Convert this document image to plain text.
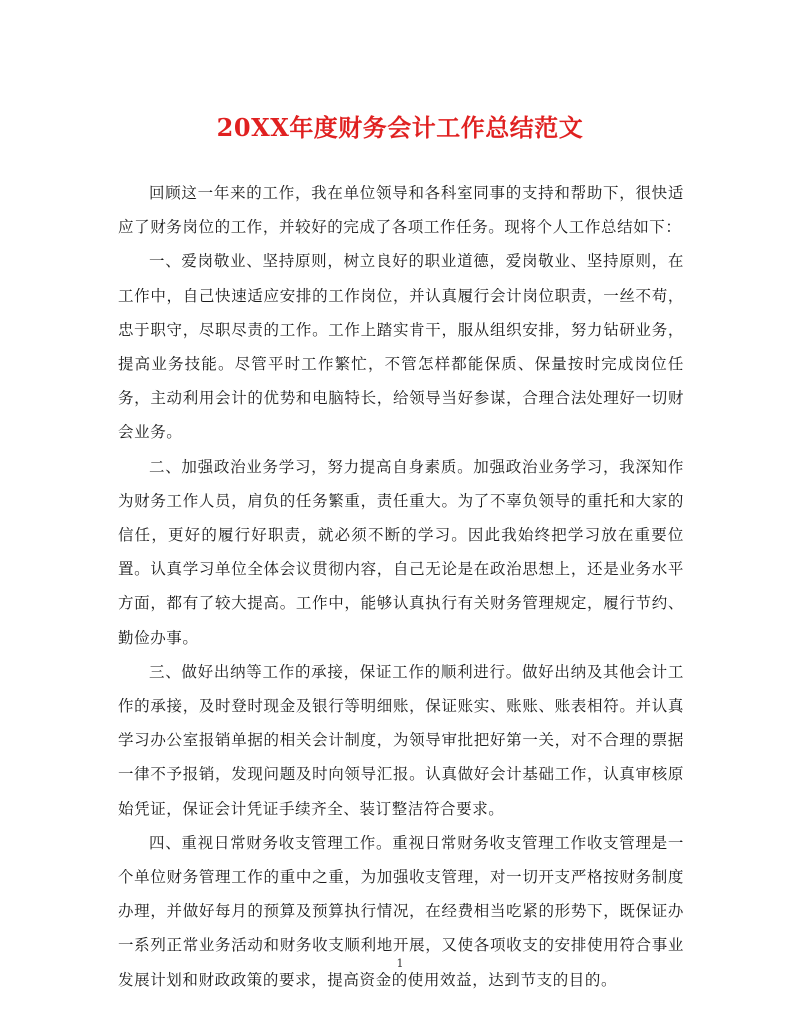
20XX年度财务会计工作总结范文

回顾这一年来的工作，我在单位领导和各科室同事的支持和帮助下，很快适应了财务岗位的工作，并较好的完成了各项工作任务。现将个人工作总结如下：

一、爱岗敬业、坚持原则，树立良好的职业道德，爱岗敬业、坚持原则，在工作中，自己快速适应安排的工作岗位，并认真履行会计岗位职责，一丝不苟，忠于职守，尽职尽责的工作。工作上踏实肯干，服从组织安排，努力钻研业务，提高业务技能。尽管平时工作繁忙，不管怎样都能保质、保量按时完成岗位任务，主动利用会计的优势和电脑特长，给领导当好参谋，合理合法处理好一切财会业务。

二、加强政治业务学习，努力提高自身素质。加强政治业务学习，我深知作为财务工作人员，肩负的任务繁重，责任重大。为了不辜负领导的重托和大家的信任，更好的履行好职责，就必须不断的学习。因此我始终把学习放在重要位置。认真学习单位全体会议贯彻内容，自己无论是在政治思想上，还是业务水平方面，都有了较大提高。工作中，能够认真执行有关财务管理规定，履行节约、勤俭办事。

三、做好出纳等工作的承接，保证工作的顺利进行。做好出纳及其他会计工作的承接，及时登时现金及银行等明细账，保证账实、账账、账表相符。并认真学习办公室报销单据的相关会计制度，为领导审批把好第一关，对不合理的票据一律不予报销，发现问题及时向领导汇报。认真做好会计基础工作，认真审核原始凭证，保证会计凭证手续齐全、装订整洁符合要求。

四、重视日常财务收支管理工作。重视日常财务收支管理工作收支管理是一个单位财务管理工作的重中之重，为加强收支管理，对一切开支严格按财务制度办理，并做好每月的预算及预算执行情况，在经费相当吃紧的形势下，既保证办一系列正常业务活动和财务收支顺利地开展，又使各项收支的安排使用符合事业发展计划和财政政策的要求，提高资金的使用效益，达到节支的目的。

1
